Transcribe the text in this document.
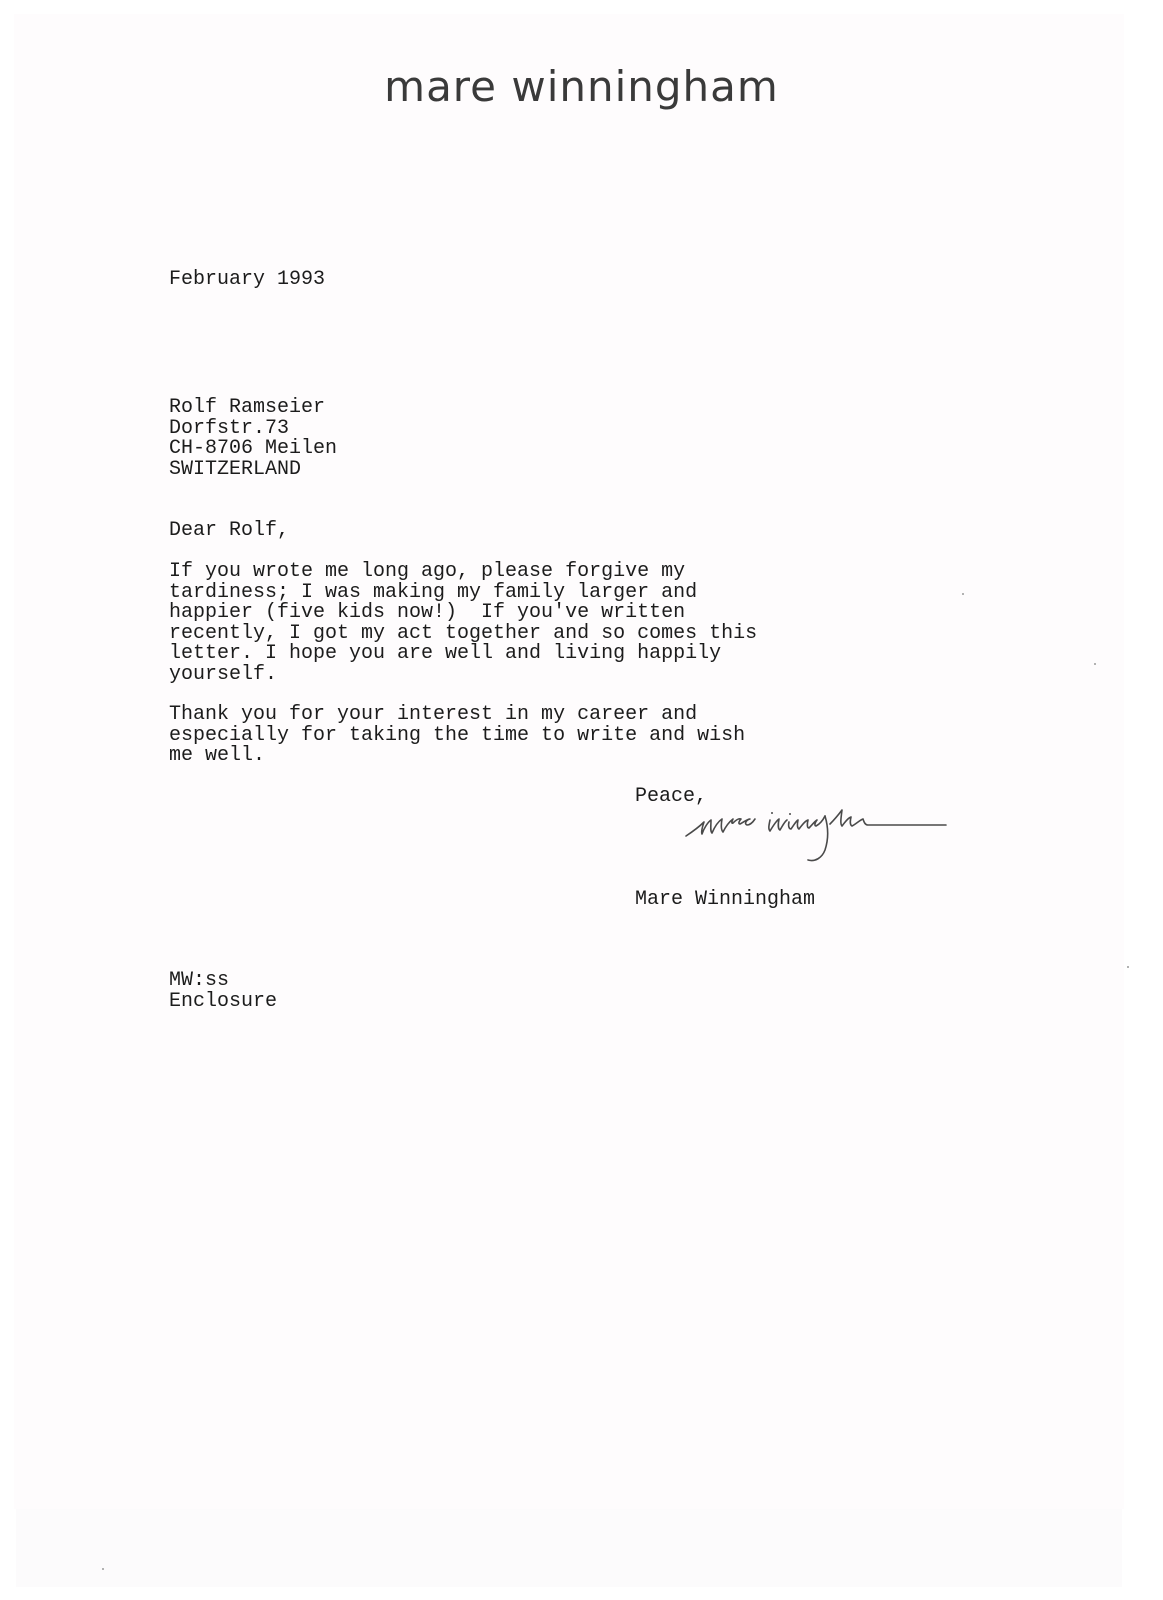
mare winningham
February 1993
Rolf Ramseier
Dorfstr.73
CH-8706 Meilen
SWITZERLAND
Dear Rolf,
If you wrote me long ago, please forgive my
tardiness; I was making my family larger and
happier (five kids now!)  If you've written
recently, I got my act together and so comes this
letter. I hope you are well and living happily
yourself.
Thank you for your interest in my career and
especially for taking the time to write and wish
me well.
Peace,
Mare Winningham
MW:ss
Enclosure
